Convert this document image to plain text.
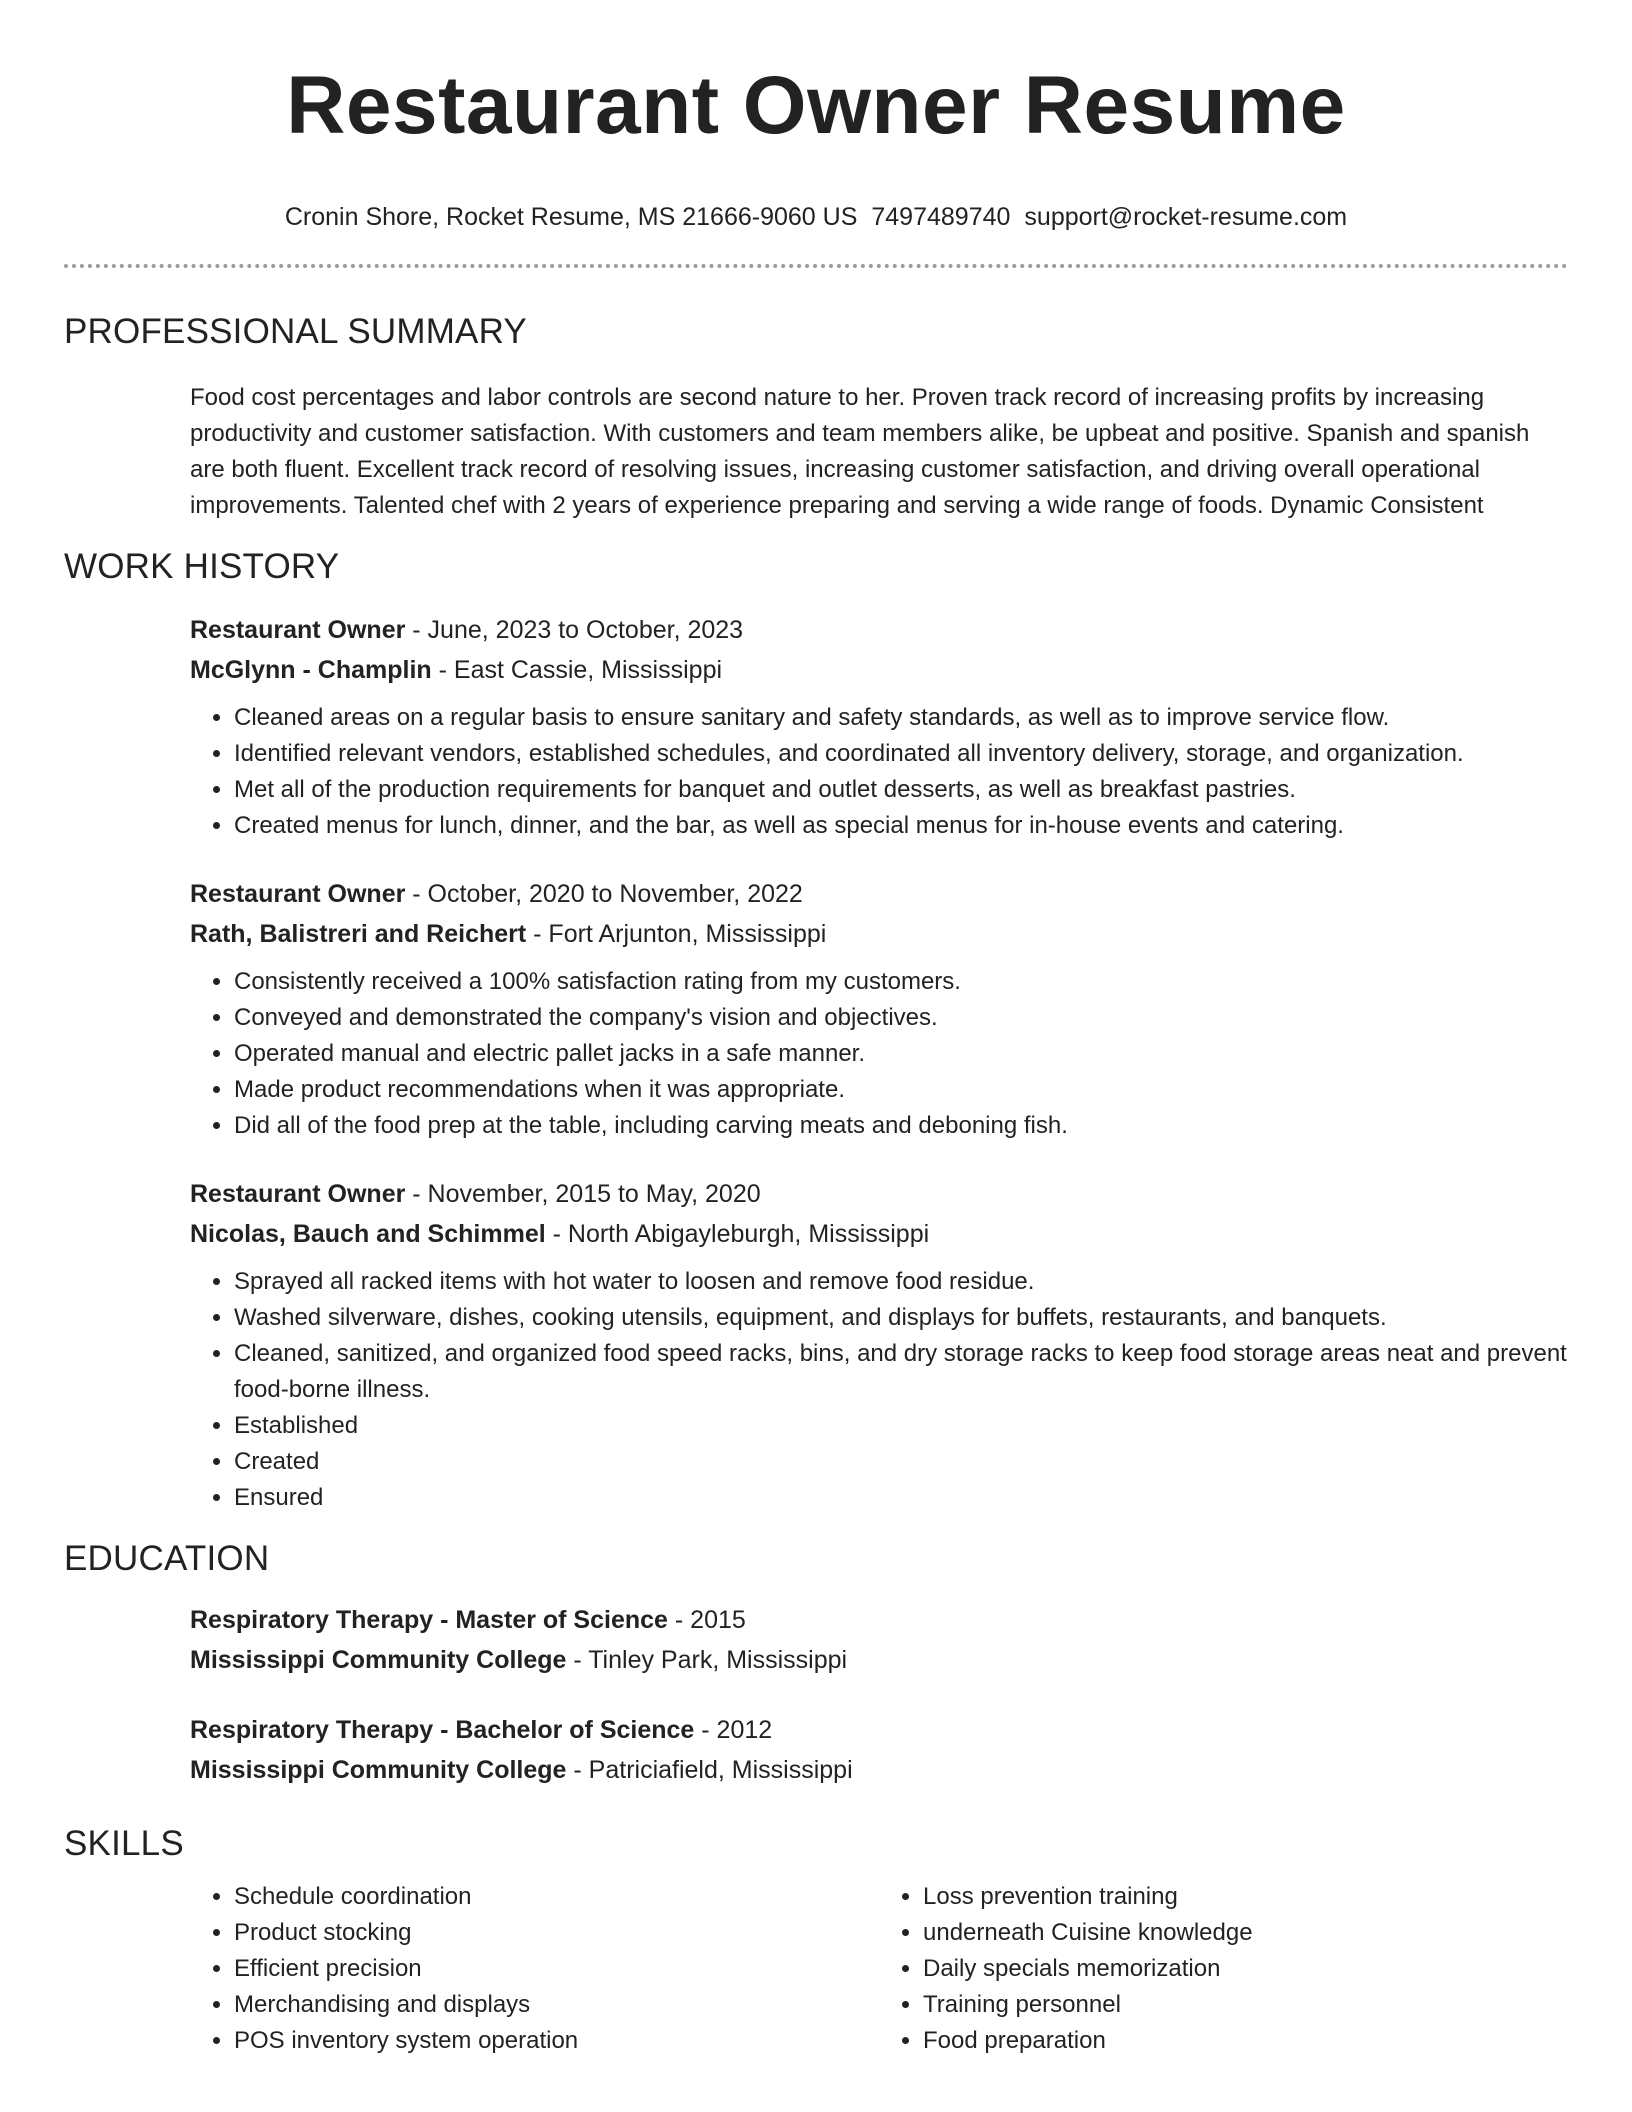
Restaurant Owner Resume
Cronin Shore, Rocket Resume, MS 21666-9060 US 7497489740 support@rocket-resume.com
PROFESSIONAL SUMMARY
Food cost percentages and labor controls are second nature to her. Proven track record of increasing profits by increasing productivity and customer satisfaction. With customers and team members alike, be upbeat and positive. Spanish and spanish are both fluent. Excellent track record of resolving issues, increasing customer satisfaction, and driving overall operational improvements. Talented chef with 2 years of experience preparing and serving a wide range of foods. Dynamic Consistent
WORK HISTORY
Restaurant Owner - June, 2023 to October, 2023
McGlynn - Champlin - East Cassie, Mississippi
• Cleaned areas on a regular basis to ensure sanitary and safety standards, as well as to improve service flow.
• Identified relevant vendors, established schedules, and coordinated all inventory delivery, storage, and organization.
• Met all of the production requirements for banquet and outlet desserts, as well as breakfast pastries.
• Created menus for lunch, dinner, and the bar, as well as special menus for in-house events and catering.
Restaurant Owner - October, 2020 to November, 2022
Rath, Balistreri and Reichert - Fort Arjunton, Mississippi
• Consistently received a 100% satisfaction rating from my customers.
• Conveyed and demonstrated the company's vision and objectives.
• Operated manual and electric pallet jacks in a safe manner.
• Made product recommendations when it was appropriate.
• Did all of the food prep at the table, including carving meats and deboning fish.
Restaurant Owner - November, 2015 to May, 2020
Nicolas, Bauch and Schimmel - North Abigayleburgh, Mississippi
• Sprayed all racked items with hot water to loosen and remove food residue.
• Washed silverware, dishes, cooking utensils, equipment, and displays for buffets, restaurants, and banquets.
• Cleaned, sanitized, and organized food speed racks, bins, and dry storage racks to keep food storage areas neat and prevent food-borne illness.
• Established
• Created
• Ensured
EDUCATION
Respiratory Therapy - Master of Science - 2015
Mississippi Community College - Tinley Park, Mississippi
Respiratory Therapy - Bachelor of Science - 2012
Mississippi Community College - Patriciafield, Mississippi
SKILLS
• Schedule coordination
• Product stocking
• Efficient precision
• Merchandising and displays
• POS inventory system operation
• Loss prevention training
• underneath Cuisine knowledge
• Daily specials memorization
• Training personnel
• Food preparation
